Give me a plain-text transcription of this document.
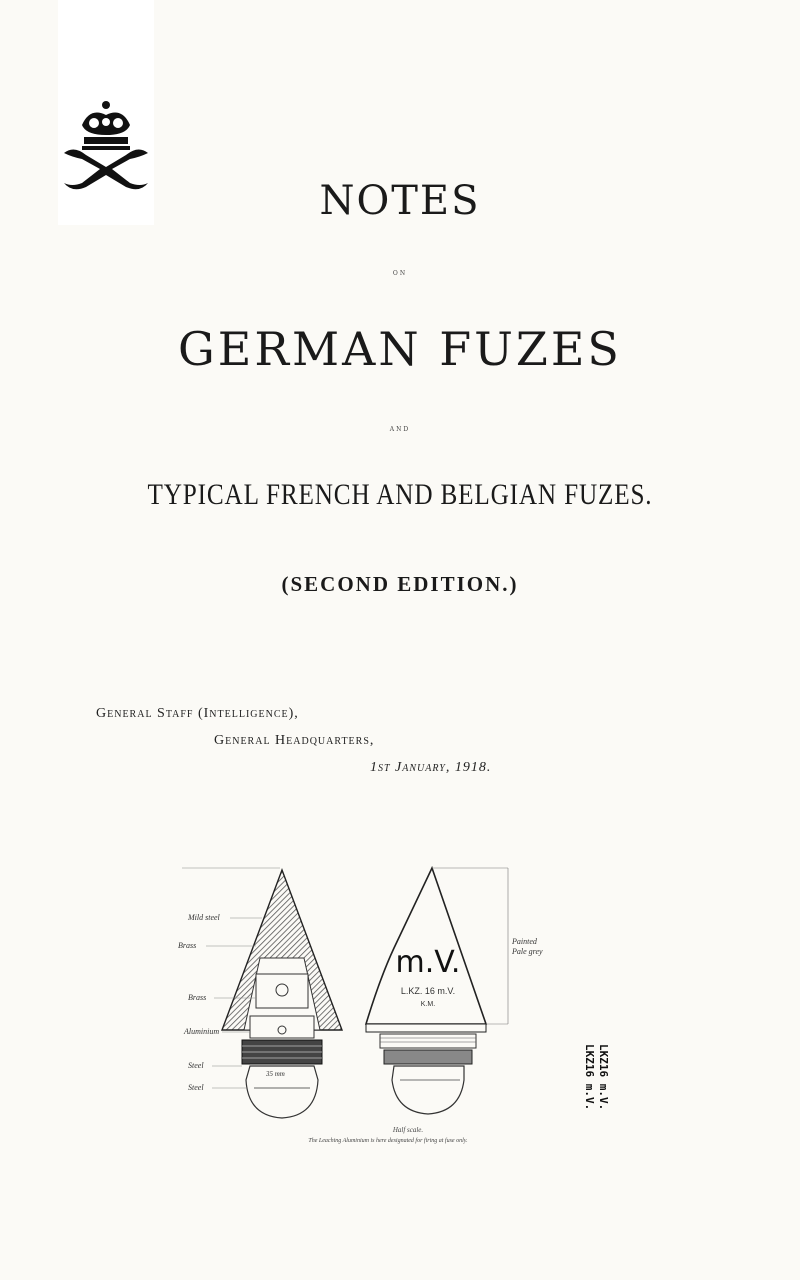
NOTES
on
GERMAN FUZES
and
TYPICAL FRENCH AND BELGIAN FUZES.
(SECOND EDITION.)
General Staff (Intelligence),
General Headquarters,
1st January, 1918.
Mild steel
Brass
Brass
Aluminium
Steel
Steel
35 mm
m.V.
L.KZ. 16 m.V.
K.M.
Painted
Pale grey
Half scale.
The Leaching Aluminium is here designated for firing at fuse only.
LKZ16 m.V. LKZ16 m.V.
